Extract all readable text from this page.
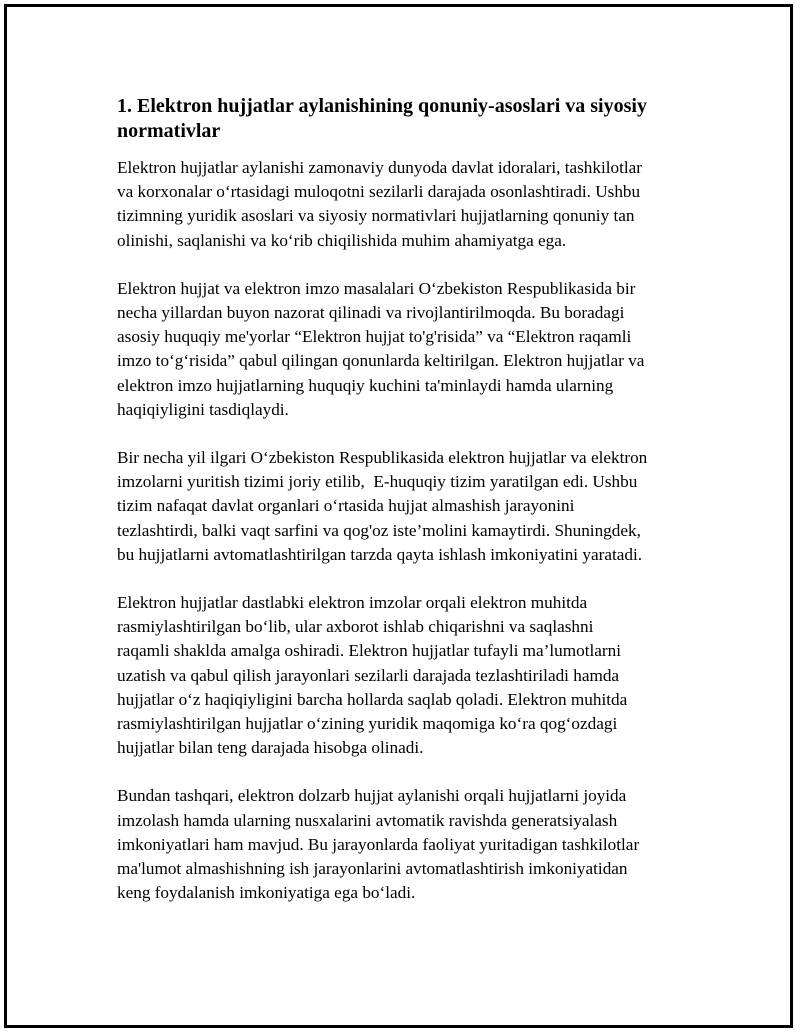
1. Elektron hujjatlar aylanishining qonuniy-asoslari va siyosiy
normativlar

Elektron hujjatlar aylanishi zamonaviy dunyoda davlat idoralari, tashkilotlar
va korxonalar o‘rtasidagi muloqotni sezilarli darajada osonlashtiradi. Ushbu
tizimning yuridik asoslari va siyosiy normativlari hujjatlarning qonuniy tan
olinishi, saqlanishi va ko‘rib chiqilishida muhim ahamiyatga ega.

Elektron hujjat va elektron imzo masalalari O‘zbekiston Respublikasida bir
necha yillardan buyon nazorat qilinadi va rivojlantirilmoqda. Bu boradagi
asosiy huquqiy me'yorlar “Elektron hujjat to'g'risida” va “Elektron raqamli
imzo to‘g‘risida” qabul qilingan qonunlarda keltirilgan. Elektron hujjatlar va
elektron imzo hujjatlarning huquqiy kuchini ta'minlaydi hamda ularning
haqiqiyligini tasdiqlaydi.

Bir necha yil ilgari O‘zbekiston Respublikasida elektron hujjatlar va elektron
imzolarni yuritish tizimi joriy etilib,  E-huquqiy tizim yaratilgan edi. Ushbu
tizim nafaqat davlat organlari o‘rtasida hujjat almashish jarayonini
tezlashtirdi, balki vaqt sarfini va qog'oz iste’molini kamaytirdi. Shuningdek,
bu hujjatlarni avtomatlashtirilgan tarzda qayta ishlash imkoniyatini yaratadi.

Elektron hujjatlar dastlabki elektron imzolar orqali elektron muhitda
rasmiylashtirilgan bo‘lib, ular axborot ishlab chiqarishni va saqlashni
raqamli shaklda amalga oshiradi. Elektron hujjatlar tufayli ma’lumotlarni
uzatish va qabul qilish jarayonlari sezilarli darajada tezlashtiriladi hamda
hujjatlar o‘z haqiqiyligini barcha hollarda saqlab qoladi. Elektron muhitda
rasmiylashtirilgan hujjatlar o‘zining yuridik maqomiga ko‘ra qog‘ozdagi
hujjatlar bilan teng darajada hisobga olinadi.

Bundan tashqari, elektron dolzarb hujjat aylanishi orqali hujjatlarni joyida
imzolash hamda ularning nusxalarini avtomatik ravishda generatsiyalash
imkoniyatlari ham mavjud. Bu jarayonlarda faoliyat yuritadigan tashkilotlar
ma'lumot almashishning ish jarayonlarini avtomatlashtirish imkoniyatidan
keng foydalanish imkoniyatiga ega bo‘ladi.
